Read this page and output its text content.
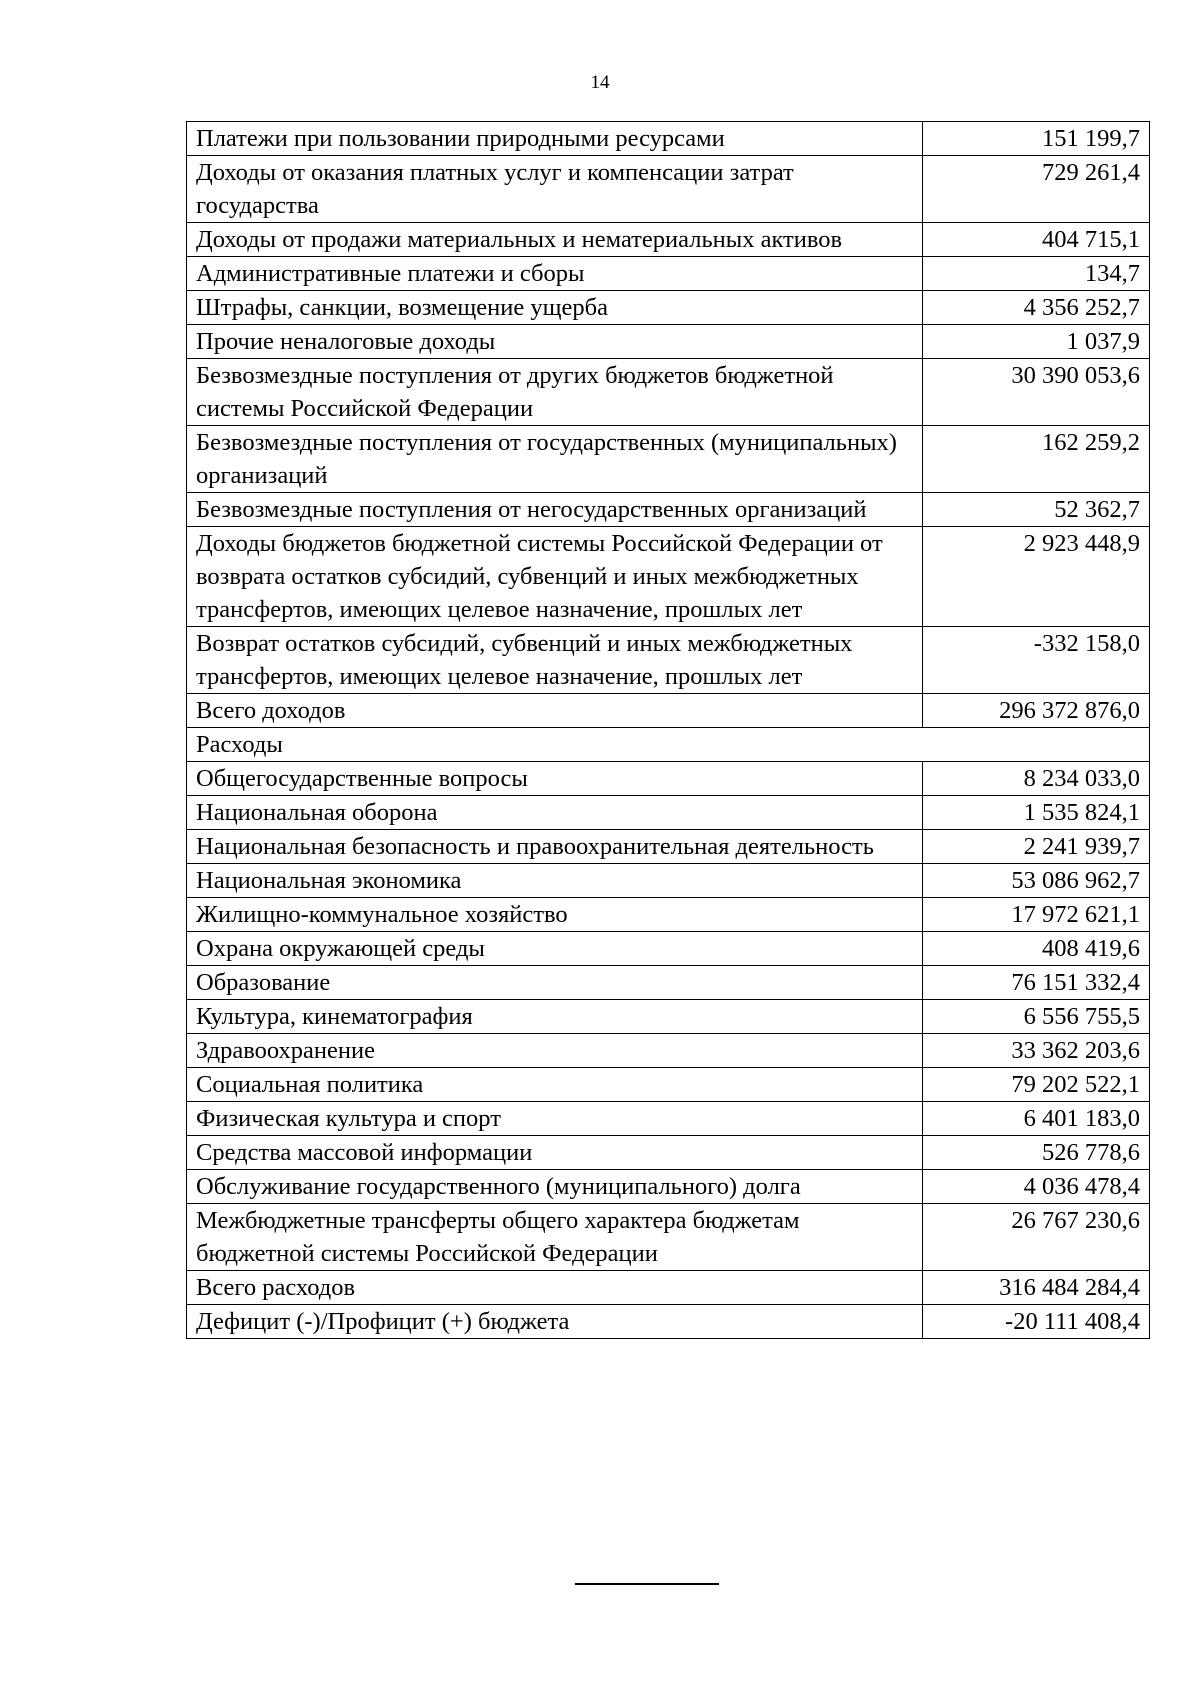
14
Платежи при пользовании природными ресурсами	151 199,7
Доходы от оказания платных услуг и компенсации затрат государства	729 261,4
Доходы от продажи материальных и нематериальных активов	404 715,1
Административные платежи и сборы	134,7
Штрафы, санкции, возмещение ущерба	4 356 252,7
Прочие неналоговые доходы	1 037,9
Безвозмездные поступления от других бюджетов бюджетной системы Российской Федерации	30 390 053,6
Безвозмездные поступления от государственных (муниципальных) организаций	162 259,2
Безвозмездные поступления от негосударственных организаций	52 362,7
Доходы бюджетов бюджетной системы Российской Федерации от возврата остатков субсидий, субвенций и иных межбюджетных трансфертов, имеющих целевое назначение, прошлых лет	2 923 448,9
Возврат остатков субсидий, субвенций и иных межбюджетных трансфертов, имеющих целевое назначение, прошлых лет	-332 158,0
Всего доходов	296 372 876,0
Расходы	
Общегосударственные вопросы	8 234 033,0
Национальная оборона	1 535 824,1
Национальная безопасность и правоохранительная деятельность	2 241 939,7
Национальная экономика	53 086 962,7
Жилищно-коммунальное хозяйство	17 972 621,1
Охрана окружающей среды	408 419,6
Образование	76 151 332,4
Культура, кинематография	6 556 755,5
Здравоохранение	33 362 203,6
Социальная политика	79 202 522,1
Физическая культура и спорт	6 401 183,0
Средства массовой информации	526 778,6
Обслуживание государственного (муниципального) долга	4 036 478,4
Межбюджетные трансферты общего характера бюджетам бюджетной системы Российской Федерации	26 767 230,6
Всего расходов	316 484 284,4
Дефицит (-)/Профицит (+) бюджета	-20 111 408,4
